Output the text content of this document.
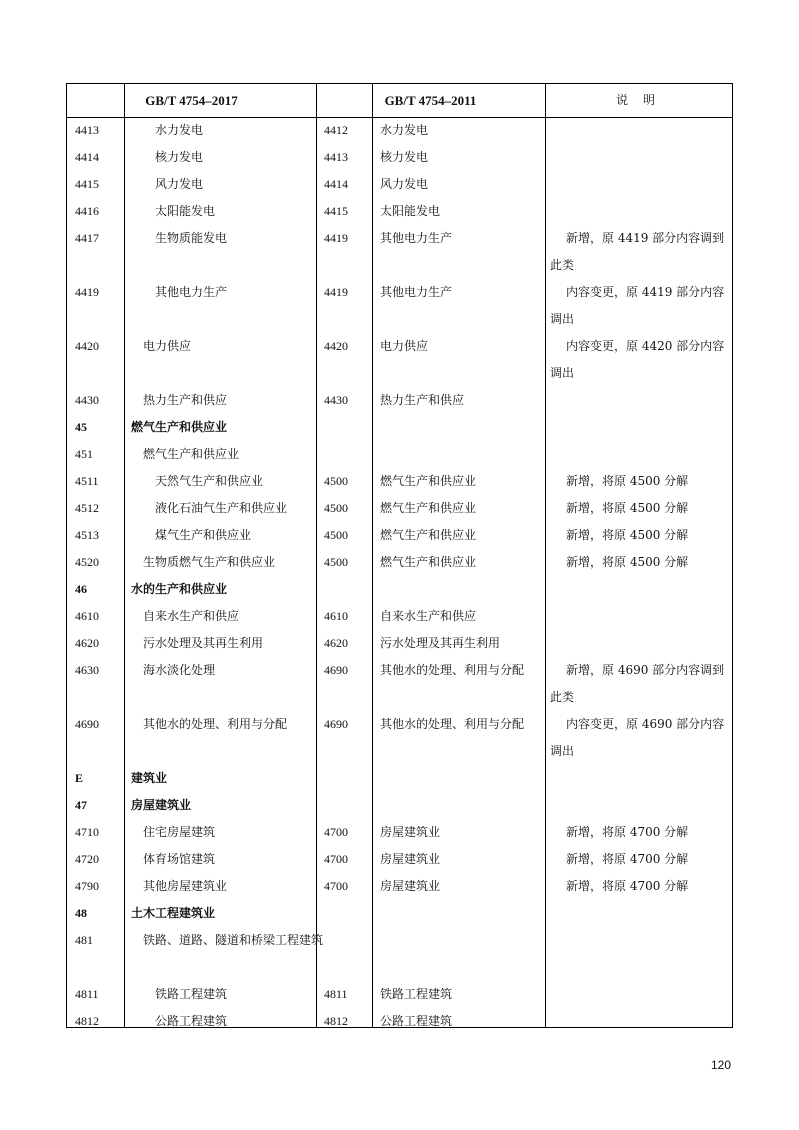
GB/T 4754–2017	GB/T 4754–2011	说 明
4413	水力发电	4412	水力发电
4414	核力发电	4413	核力发电
4415	风力发电	4414	风力发电
4416	太阳能发电	4415	太阳能发电
4417	生物质能发电	4419	其他电力生产	新增，原 4419 部分内容调到此类
4419	其他电力生产	4419	其他电力生产	内容变更，原 4419 部分内容调出
4420	电力供应	4420	电力供应	内容变更，原 4420 部分内容调出
4430	热力生产和供应	4430	热力生产和供应
45	燃气生产和供应业
451	燃气生产和供应业
4511	天然气生产和供应业	4500	燃气生产和供应业	新增，将原 4500 分解
4512	液化石油气生产和供应业	4500	燃气生产和供应业	新增，将原 4500 分解
4513	煤气生产和供应业	4500	燃气生产和供应业	新增，将原 4500 分解
4520	生物质燃气生产和供应业	4500	燃气生产和供应业	新增，将原 4500 分解
46	水的生产和供应业
4610	自来水生产和供应	4610	自来水生产和供应
4620	污水处理及其再生利用	4620	污水处理及其再生利用
4630	海水淡化处理	4690	其他水的处理、利用与分配	新增，原 4690 部分内容调到此类
4690	其他水的处理、利用与分配	4690	其他水的处理、利用与分配	内容变更，原 4690 部分内容调出
E	建筑业
47	房屋建筑业
4710	住宅房屋建筑	4700	房屋建筑业	新增，将原 4700 分解
4720	体育场馆建筑	4700	房屋建筑业	新增，将原 4700 分解
4790	其他房屋建筑业	4700	房屋建筑业	新增，将原 4700 分解
48	土木工程建筑业
481	铁路、道路、隧道和桥梁工程建筑
4811	铁路工程建筑	4811	铁路工程建筑
4812	公路工程建筑	4812	公路工程建筑
120
